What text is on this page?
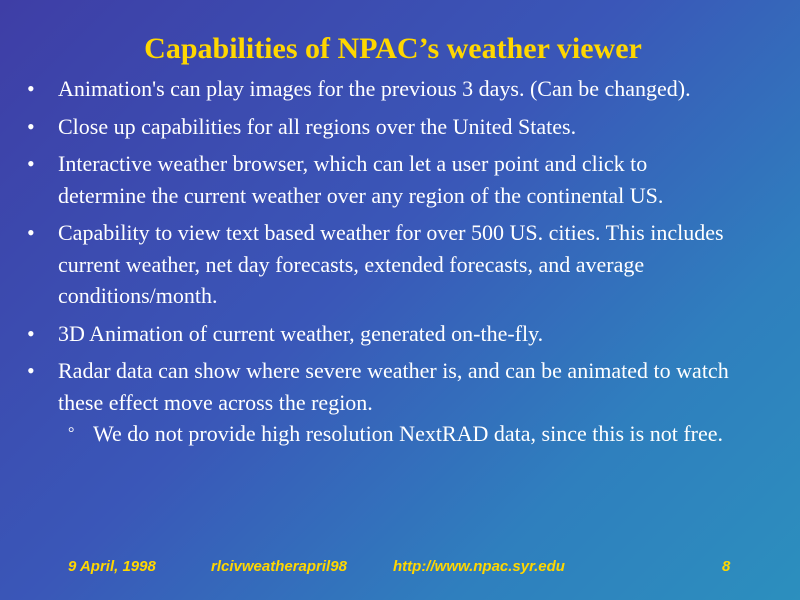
Capabilities of NPAC’s weather viewer
• Animation's can play images for the previous 3 days. (Can be changed).
• Close up capabilities for all regions over the United States.
• Interactive weather browser, which can let a user point and click to determine the current weather over any region of the continental US.
• Capability to view text based weather for over 500 US. cities. This includes current weather, net day forecasts, extended forecasts, and average conditions/month.
• 3D Animation of current weather, generated on-the-fly.
• Radar data can show where severe weather is, and can be animated to watch these effect move across the region.
° We do not provide high resolution NextRAD data, since this is not free.
9 April, 1998	rlcivweatherapril98	http://www.npac.syr.edu	8
